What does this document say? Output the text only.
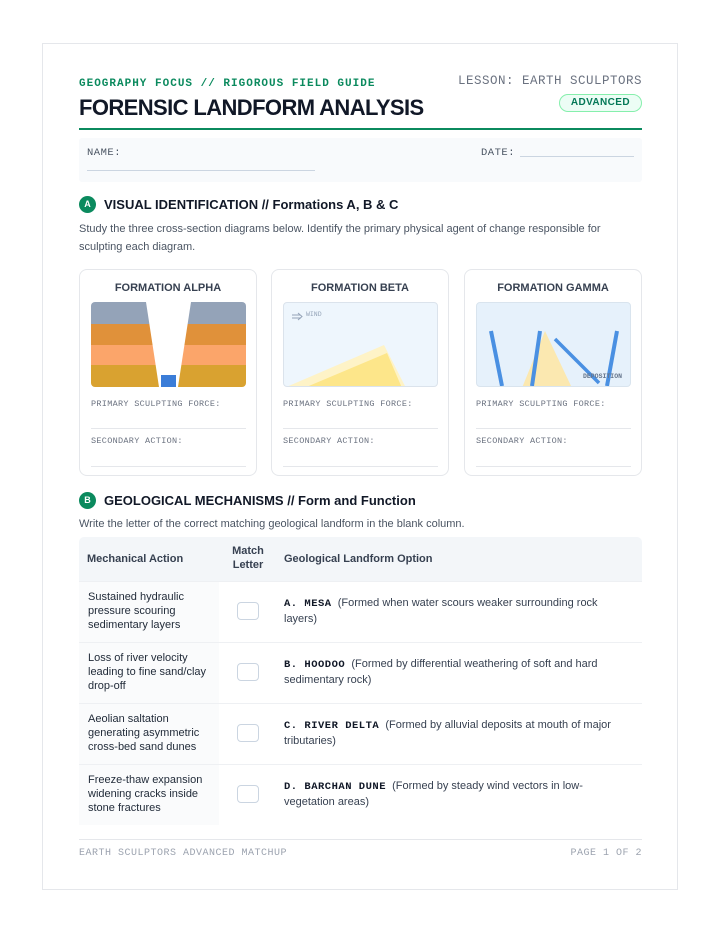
GEOGRAPHY FOCUS // RIGOROUS FIELD GUIDE	LESSON: EARTH SCULPTORS
FORENSIC LANDFORM ANALYSIS	ADVANCED
NAME:	DATE:
A	VISUAL IDENTIFICATION // Formations A, B & C
Study the three cross-section diagrams below. Identify the primary physical agent of change responsible for sculpting each diagram.
FORMATION ALPHA
PRIMARY SCULPTING FORCE:
SECONDARY ACTION:
FORMATION BETA
WIND
PRIMARY SCULPTING FORCE:
SECONDARY ACTION:
FORMATION GAMMA
DEPOSITION
PRIMARY SCULPTING FORCE:
SECONDARY ACTION:
B	GEOLOGICAL MECHANISMS // Form and Function
Write the letter of the correct matching geological landform in the blank column.
Mechanical Action
Match
Letter	Geological Landform Option
Sustained hydraulic pressure scouring sedimentary layers
A. MESA (Formed when water scours weaker surrounding rock layers)
Loss of river velocity leading to fine sand/clay drop-off
B. HOODOO (Formed by differential weathering of soft and hard sedimentary rock)
Aeolian saltation generating asymmetric cross-bed sand dunes
C. RIVER DELTA (Formed by alluvial deposits at mouth of major tributaries)
Freeze-thaw expansion widening cracks inside stone fractures
D. BARCHAN DUNE (Formed by steady wind vectors in low-vegetation areas)
EARTH SCULPTORS ADVANCED MATCHUP	PAGE 1 OF 2
